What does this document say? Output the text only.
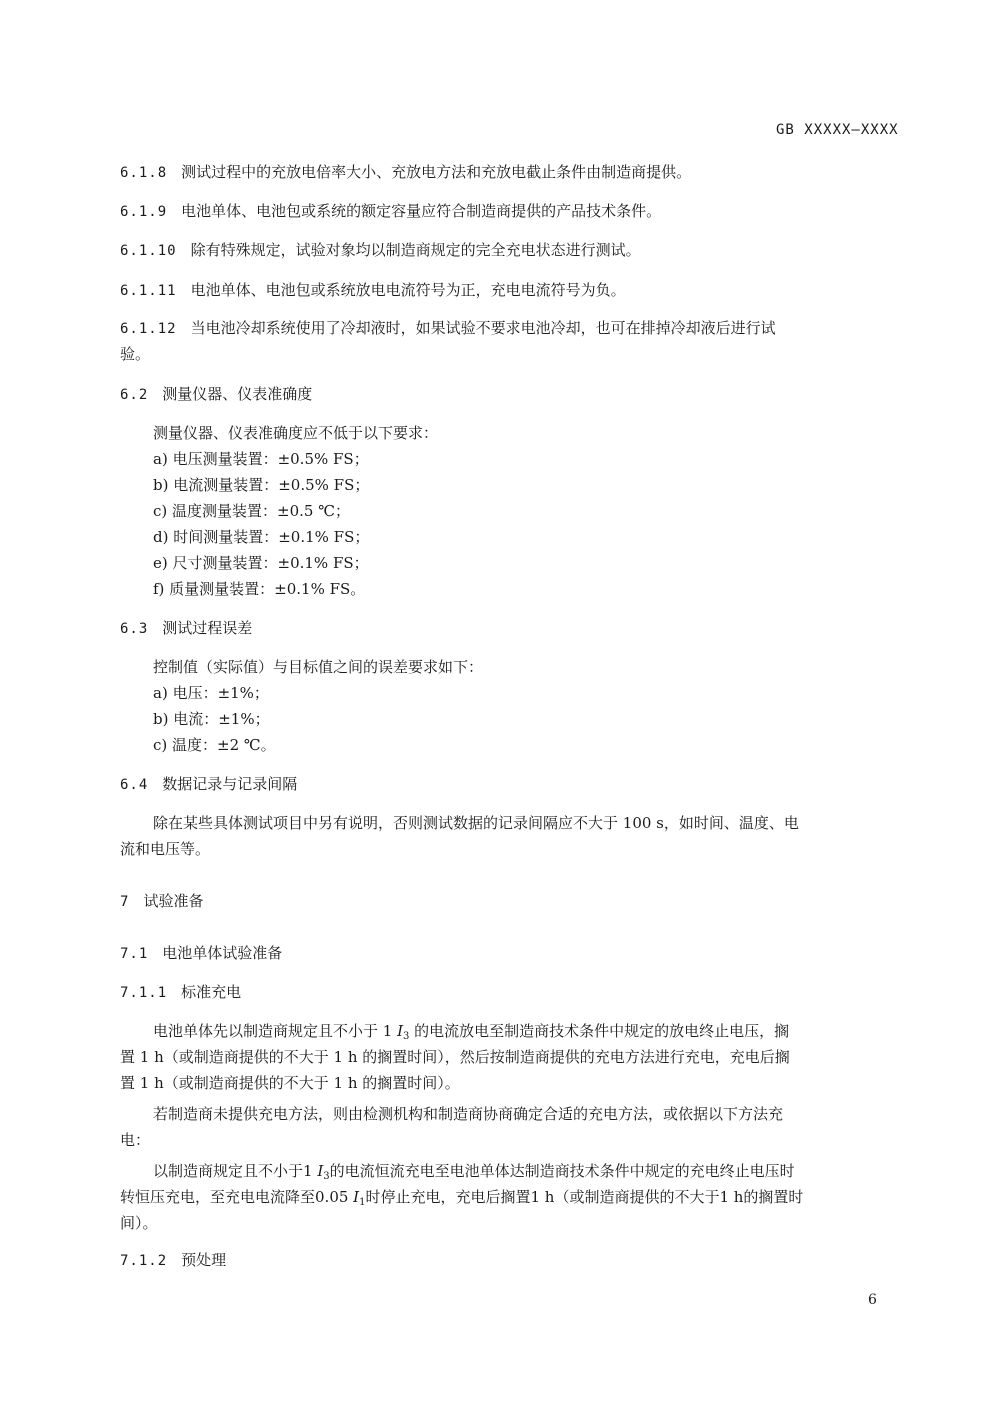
GB XXXXX—XXXX
6.1.8 测试过程中的充放电倍率大小、充放电方法和充放电截止条件由制造商提供。
6.1.9 电池单体、电池包或系统的额定容量应符合制造商提供的产品技术条件。
6.1.10 除有特殊规定，试验对象均以制造商规定的完全充电状态进行测试。
6.1.11 电池单体、电池包或系统放电电流符号为正，充电电流符号为负。
6.1.12 当电池冷却系统使用了冷却液时，如果试验不要求电池冷却，也可在排掉冷却液后进行试
验。
6.2 测量仪器、仪表准确度
测量仪器、仪表准确度应不低于以下要求：
a) 电压测量装置：±0.5% FS；
b) 电流测量装置：±0.5% FS；
c) 温度测量装置：±0.5 ℃；
d) 时间测量装置：±0.1% FS；
e) 尺寸测量装置：±0.1% FS；
f) 质量测量装置：±0.1% FS。
6.3 测试过程误差
控制值（实际值）与目标值之间的误差要求如下：
a) 电压：±1%；
b) 电流：±1%；
c) 温度：±2 ℃。
6.4 数据记录与记录间隔
除在某些具体测试项目中另有说明，否则测试数据的记录间隔应不大于 100 s，如时间、温度、电
流和电压等。
7 试验准备
7.1 电池单体试验准备
7.1.1 标准充电
电池单体先以制造商规定且不小于 1 $I_3$ 的电流放电至制造商技术条件中规定的放电终止电压，搁
置 1 h（或制造商提供的不大于 1 h 的搁置时间），然后按制造商提供的充电方法进行充电，充电后搁
置 1 h（或制造商提供的不大于 1 h 的搁置时间）。
若制造商未提供充电方法，则由检测机构和制造商协商确定合适的充电方法，或依据以下方法充
电：
以制造商规定且不小于1 $I_3$的电流恒流充电至电池单体达制造商技术条件中规定的充电终止电压时
转恒压充电，至充电电流降至0.05 $I_1$时停止充电，充电后搁置1 h（或制造商提供的不大于1 h的搁置时
间）。
7.1.2 预处理
6
